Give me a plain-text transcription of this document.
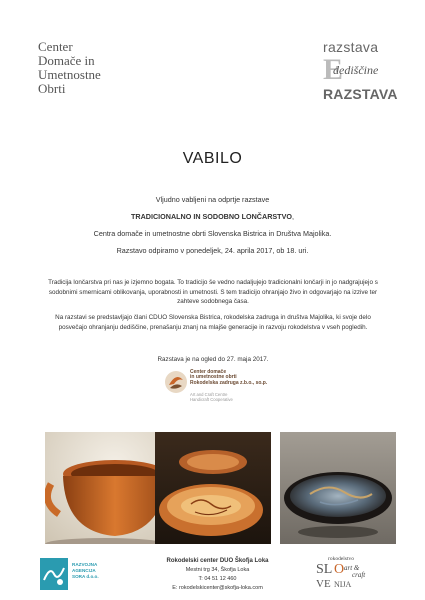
Center
Domače in
Umetnostne
Obrti
razstava
E
dediščine
RAZSTAVA
VABILO
Vljudno vabljeni na odprtje razstave
TRADICIONALNO IN SODOBNO LONČARSTVO,
Centra domače in umetnostne obrti Slovenska Bistrica in Društva Majolika.
Razstavo odpiramo v ponedeljek, 24. aprila 2017, ob 18. uri.
Tradicija lončarstva pri nas je izjemno bogata. To tradicijo še vedno nadaljujejo tradicionalni lončarji in jo nadgrajujejo s sodobnimi smernicami oblikovanja, uporabnosti in umetnosti. S tem tradicijo ohranjajo živo in odgovarjajo na izzive ter zahteve sodobnega časa.
Na razstavi se predstavljajo člani CDUO Slovenska Bistrica, rokodelska zadruga in društva Majolika, ki svoje delo posvečajo ohranjanju dediščine, prenašanju znanj na mlajše generacije in razvoju rokodelstva v vseh pogledih.
Razstava je na ogled do 27. maja 2017.
Center domače
in umetnostne obrti
Rokodelska zadruga z.b.o., so.p.
Art and Craft Centre
Handicraft Cooperative
RAZVOJNA
AGENCIJA
SORA d.o.o.
Rokodelski center DUO Škofja Loka
Mestni trg 34, Škofja Loka
T: 04 51 12 460
E: rokodelskicenter@skofja-loka.com
rokodelstvo
SL O art &
craft
VE NIJA
